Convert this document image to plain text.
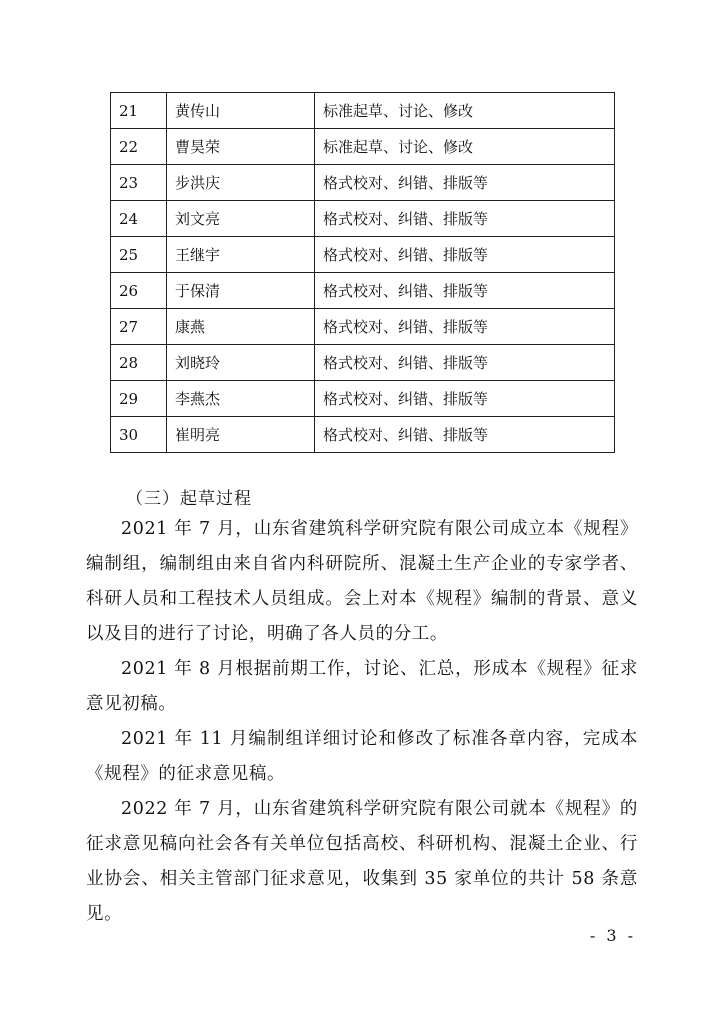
21	黄传山	标准起草、讨论、修改
22	曹昊荣	标准起草、讨论、修改
23	步洪庆	格式校对、纠错、排版等
24	刘文亮	格式校对、纠错、排版等
25	王继宇	格式校对、纠错、排版等
26	于保清	格式校对、纠错、排版等
27	康燕	格式校对、纠错、排版等
28	刘晓玲	格式校对、纠错、排版等
29	李燕杰	格式校对、纠错、排版等
30	崔明亮	格式校对、纠错、排版等
（三）起草过程

2021 年 7 月，山东省建筑科学研究院有限公司成立本《规程》编制组，编制组由来自省内科研院所、混凝土生产企业的专家学者、科研人员和工程技术人员组成。会上对本《规程》编制的背景、意义以及目的进行了讨论，明确了各人员的分工。

2021 年 8 月根据前期工作，讨论、汇总，形成本《规程》征求意见初稿。

2021 年 11 月编制组详细讨论和修改了标准各章内容，完成本《规程》的征求意见稿。

2022 年 7 月，山东省建筑科学研究院有限公司就本《规程》的征求意见稿向社会各有关单位包括高校、科研机构、混凝土企业、行业协会、相关主管部门征求意见，收集到 35 家单位的共计 58 条意见。

- 3 -
